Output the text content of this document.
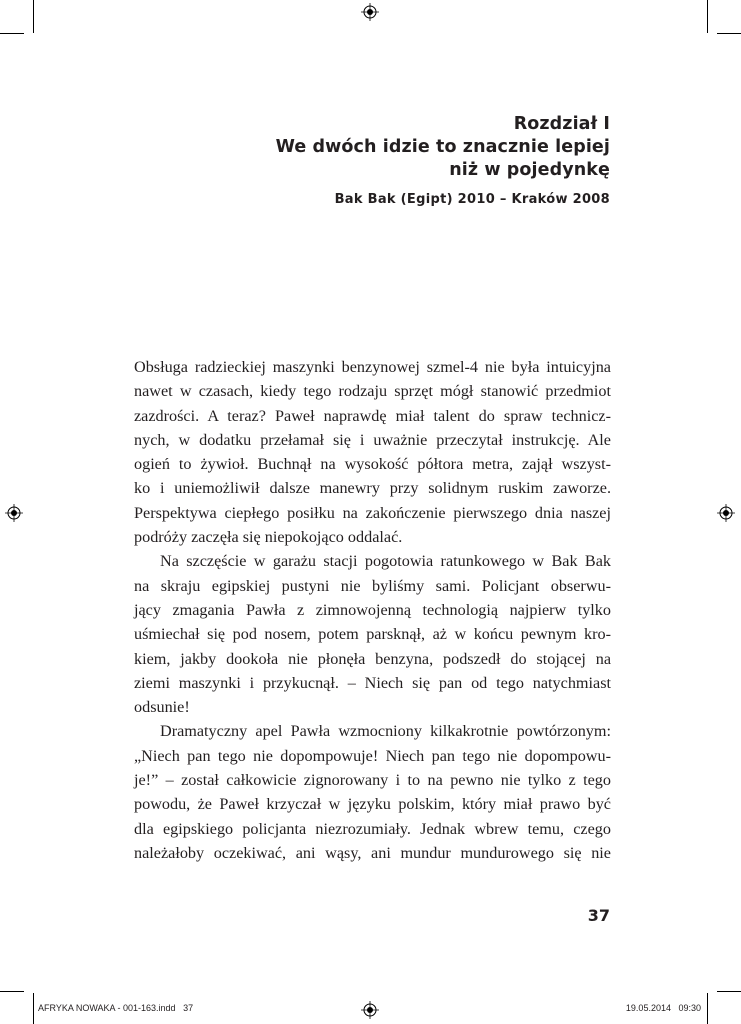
Rozdział I
We dwóch idzie to znacznie lepiej
niż w pojedynkę
Bak Bak (Egipt) 2010 – Kraków 2008
Obsługa radzieckiej maszynki benzynowej szmel-4 nie była intuicyjna
nawet w czasach, kiedy tego rodzaju sprzęt mógł stanowić przedmiot
zazdrości. A teraz? Paweł naprawdę miał talent do spraw technicz-
nych, w dodatku przełamał się i uważnie przeczytał instrukcję. Ale
ogień to żywioł. Buchnął na wysokość półtora metra, zajął wszyst-
ko i uniemożliwił dalsze manewry przy solidnym ruskim zaworze.
Perspektywa ciepłego posiłku na zakończenie pierwszego dnia naszej
podróży zaczęła się niepokojąco oddalać.
Na szczęście w garażu stacji pogotowia ratunkowego w Bak Bak
na skraju egipskiej pustyni nie byliśmy sami. Policjant obserwu-
jący zmagania Pawła z zimnowojenną technologią najpierw tylko
uśmiechał się pod nosem, potem parsknął, aż w końcu pewnym kro-
kiem, jakby dookoła nie płonęła benzyna, podszedł do stojącej na
ziemi maszynki i przykucnął. – Niech się pan od tego natychmiast
odsunie!
Dramatyczny apel Pawła wzmocniony kilkakrotnie powtórzonym:
„Niech pan tego nie dopompowuje! Niech pan tego nie dopompowu-
je!” – został całkowicie zignorowany i to na pewno nie tylko z tego
powodu, że Paweł krzyczał w języku polskim, który miał prawo być
dla egipskiego policjanta niezrozumiały. Jednak wbrew temu, czego
należałoby oczekiwać, ani wąsy, ani mundur mundurowego się nie
37
AFRYKA NOWAKA - 001-163.indd   37	19.05.2014   09:30
